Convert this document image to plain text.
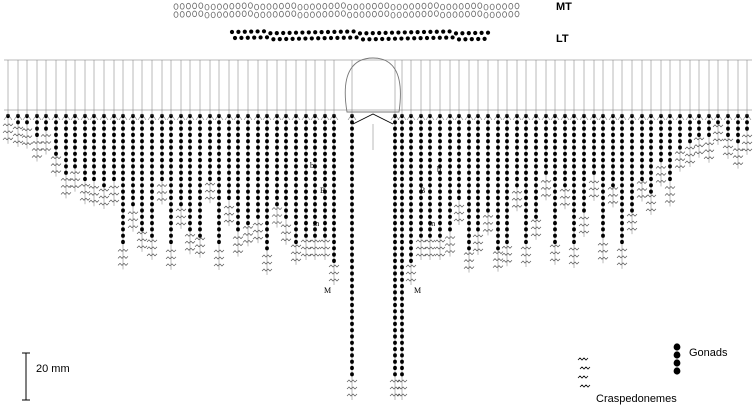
MT
LT
b
B
m
M
b
B
m
M
20 mm
Gonads
Craspedonemes
